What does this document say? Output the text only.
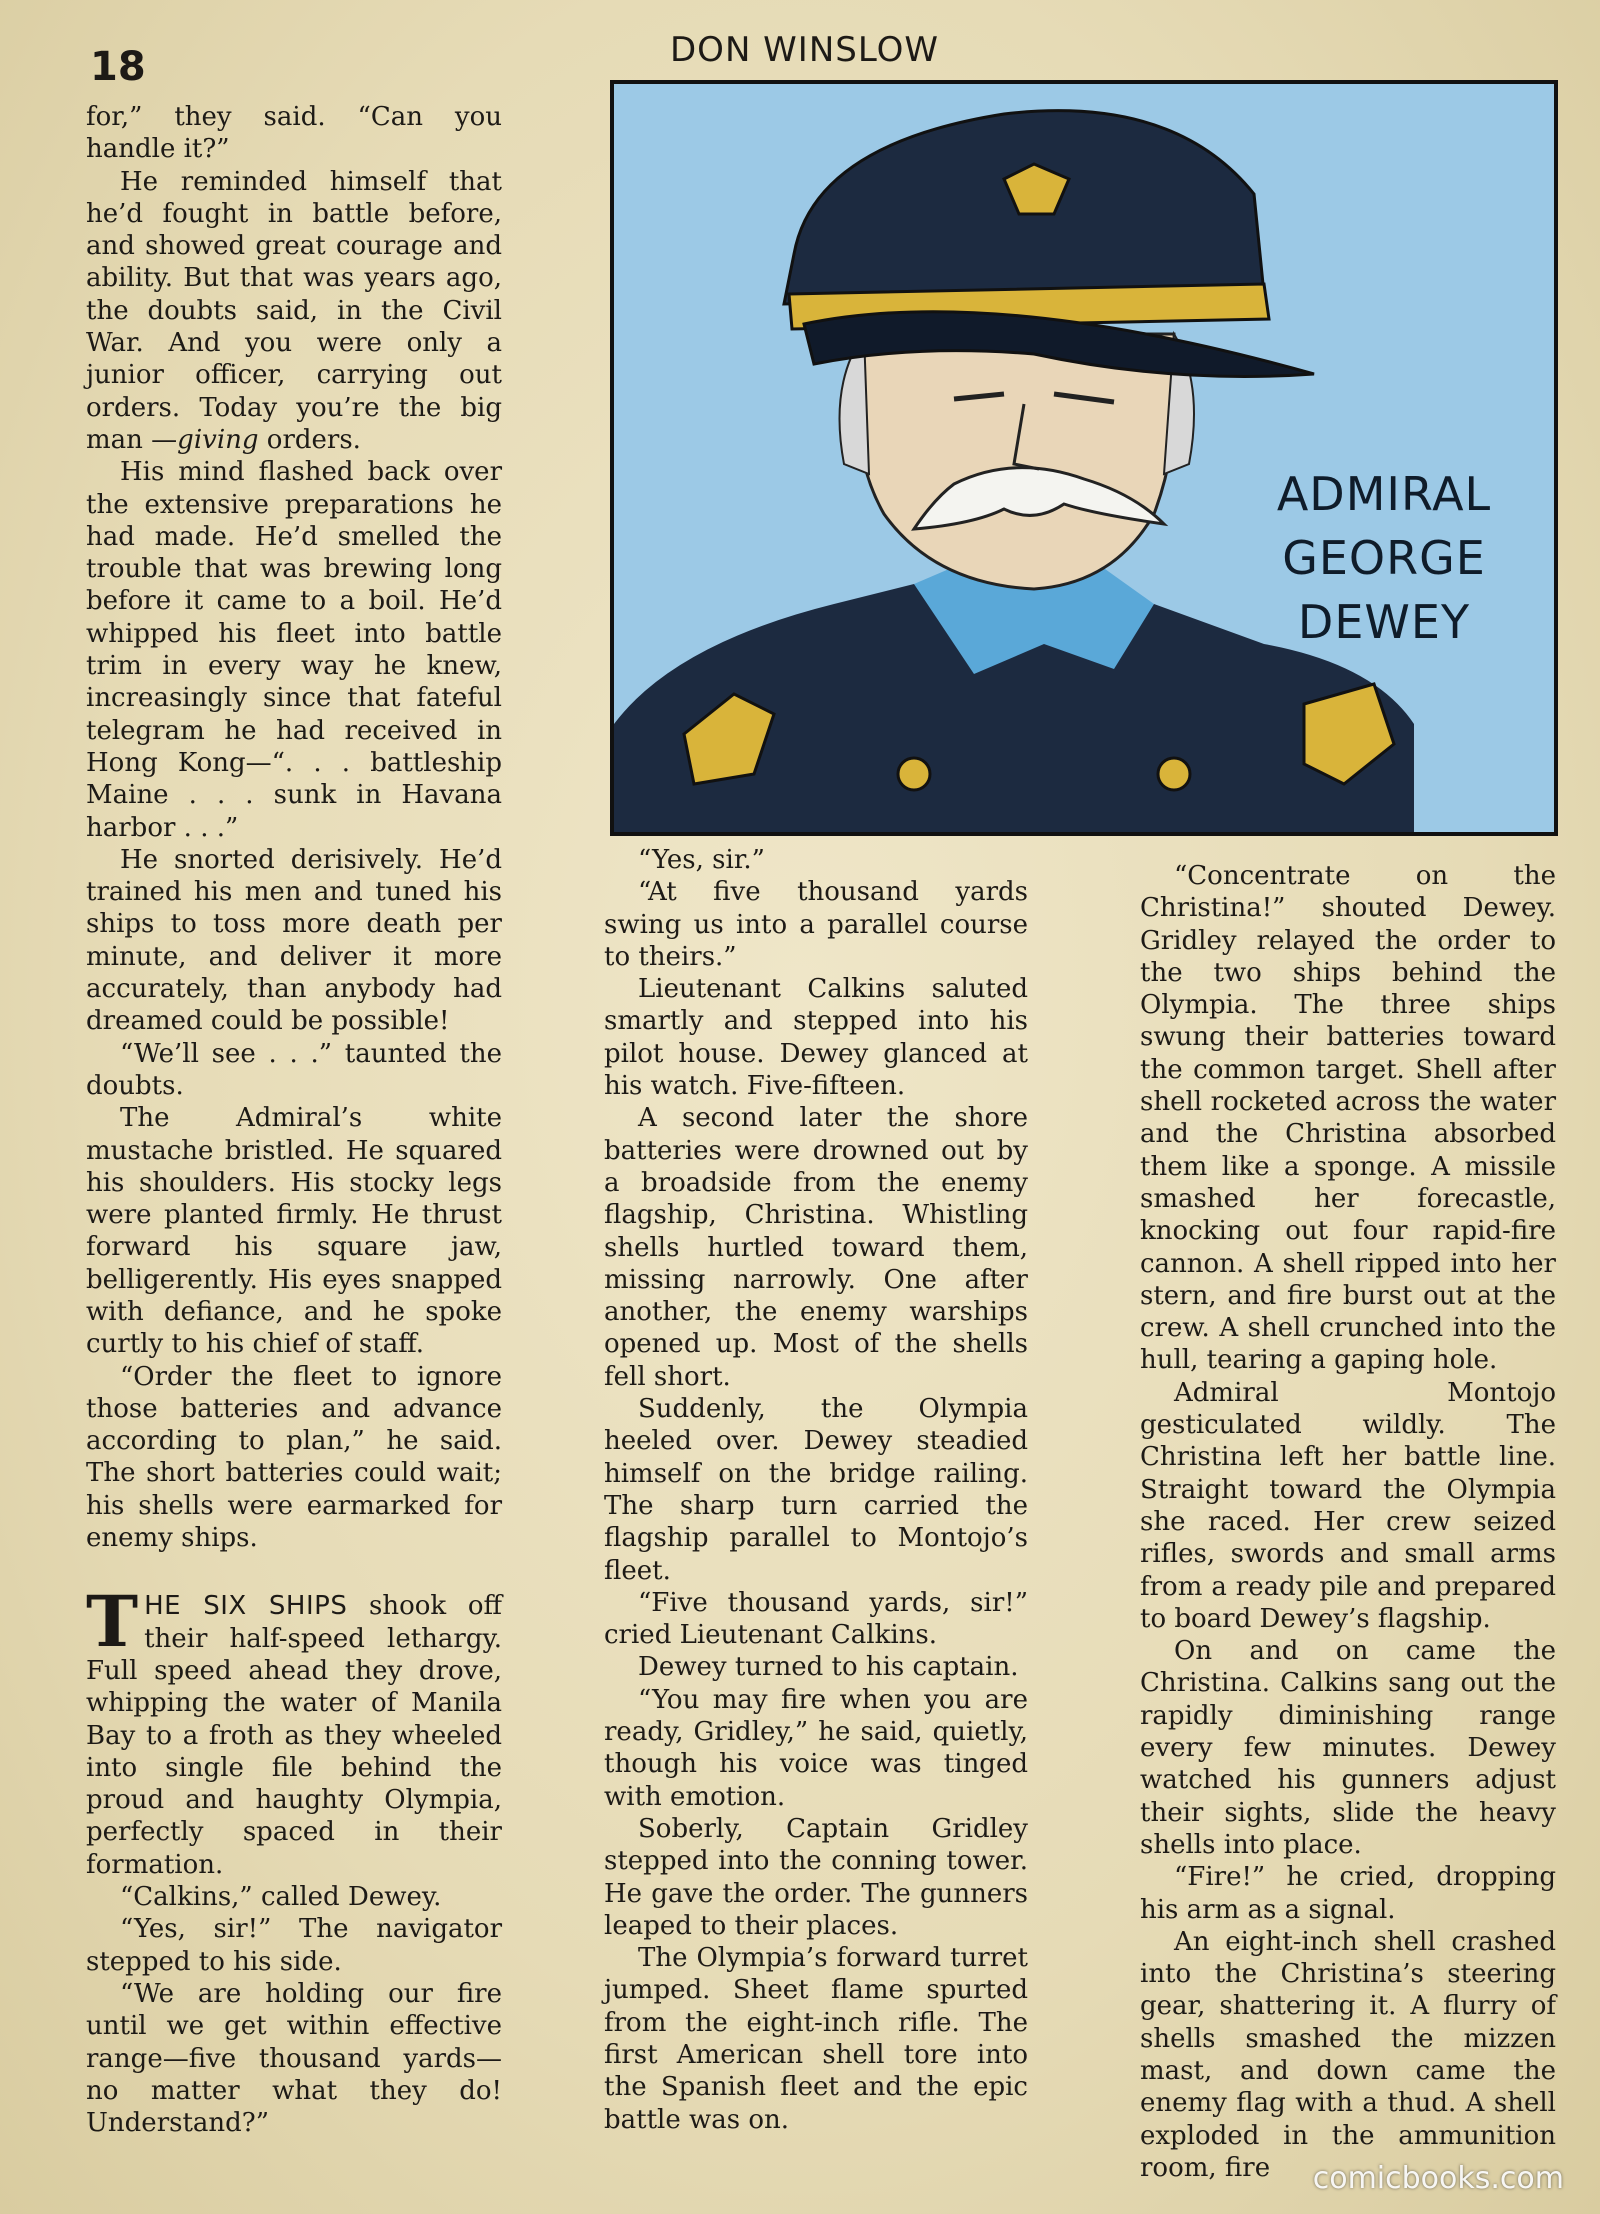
18	DON WINSLOW

for,” they said. “Can you handle it?”

He reminded himself that he’d fought in battle before, and showed great courage and ability. But that was years ago, the doubts said, in the Civil War. And you were only a junior officer, carrying out orders. Today you’re the big man —giving orders.

His mind flashed back over the extensive preparations he had made. He’d smelled the trouble that was brewing long before it came to a boil. He’d whipped his fleet into battle trim in every way he knew, increasingly since that fateful telegram he had received in Hong Kong—“. . . battleship Maine . . . sunk in Havana harbor . . .”

He snorted derisively. He’d trained his men and tuned his ships to toss more death per minute, and deliver it more accurately, than anybody had dreamed could be possible!

“We’ll see . . .” taunted the doubts.

The Admiral’s white mustache bristled. He squared his shoulders. His stocky legs were planted firmly. He thrust forward his square jaw, belligerently. His eyes snapped with defiance, and he spoke curtly to his chief of staff.

“Order the fleet to ignore those batteries and advance according to plan,” he said. The short batteries could wait; his shells were earmarked for enemy ships.

THE SIX SHIPS shook off their half-speed lethargy. Full speed ahead they drove, whipping the water of Manila Bay to a froth as they wheeled into single file behind the proud and haughty Olympia, perfectly spaced in their formation.

“Calkins,” called Dewey.

“Yes, sir!” The navigator stepped to his side.

“We are holding our fire until we get within effective range—five thousand yards—no matter what they do! Understand?”

ADMIRAL
GEORGE
DEWEY

“Yes, sir.”

“At five thousand yards swing us into a parallel course to theirs.”

Lieutenant Calkins saluted smartly and stepped into his pilot house. Dewey glanced at his watch. Five-fifteen.

A second later the shore batteries were drowned out by a broadside from the enemy flagship, Christina. Whistling shells hurtled toward them, missing narrowly. One after another, the enemy warships opened up. Most of the shells fell short.

Suddenly, the Olympia heeled over. Dewey steadied himself on the bridge railing. The sharp turn carried the flagship parallel to Montojo’s fleet.

“Five thousand yards, sir!” cried Lieutenant Calkins.

Dewey turned to his captain.

“You may fire when you are ready, Gridley,” he said, quietly, though his voice was tinged with emotion.

Soberly, Captain Gridley stepped into the conning tower. He gave the order. The gunners leaped to their places.

The Olympia’s forward turret jumped. Sheet flame spurted from the eight-inch rifle. The first American shell tore into the Spanish fleet and the epic battle was on.

“Concentrate on the Christina!” shouted Dewey. Gridley relayed the order to the two ships behind the Olympia. The three ships swung their batteries toward the common target. Shell after shell rocketed across the water and the Christina absorbed them like a sponge. A missile smashed her forecastle, knocking out four rapid-fire cannon. A shell ripped into her stern, and fire burst out at the crew. A shell crunched into the hull, tearing a gaping hole.

Admiral Montojo gesticulated wildly. The Christina left her battle line. Straight toward the Olympia she raced. Her crew seized rifles, swords and small arms from a ready pile and prepared to board Dewey’s flagship.

On and on came the Christina. Calkins sang out the rapidly diminishing range every few minutes. Dewey watched his gunners adjust their sights, slide the heavy shells into place.

“Fire!” he cried, dropping his arm as a signal.

An eight-inch shell crashed into the Christina’s steering gear, shattering it. A flurry of shells smashed the mizzen mast, and down came the enemy flag with a thud. A shell exploded in the ammunition room, fire	comicbooks.com
